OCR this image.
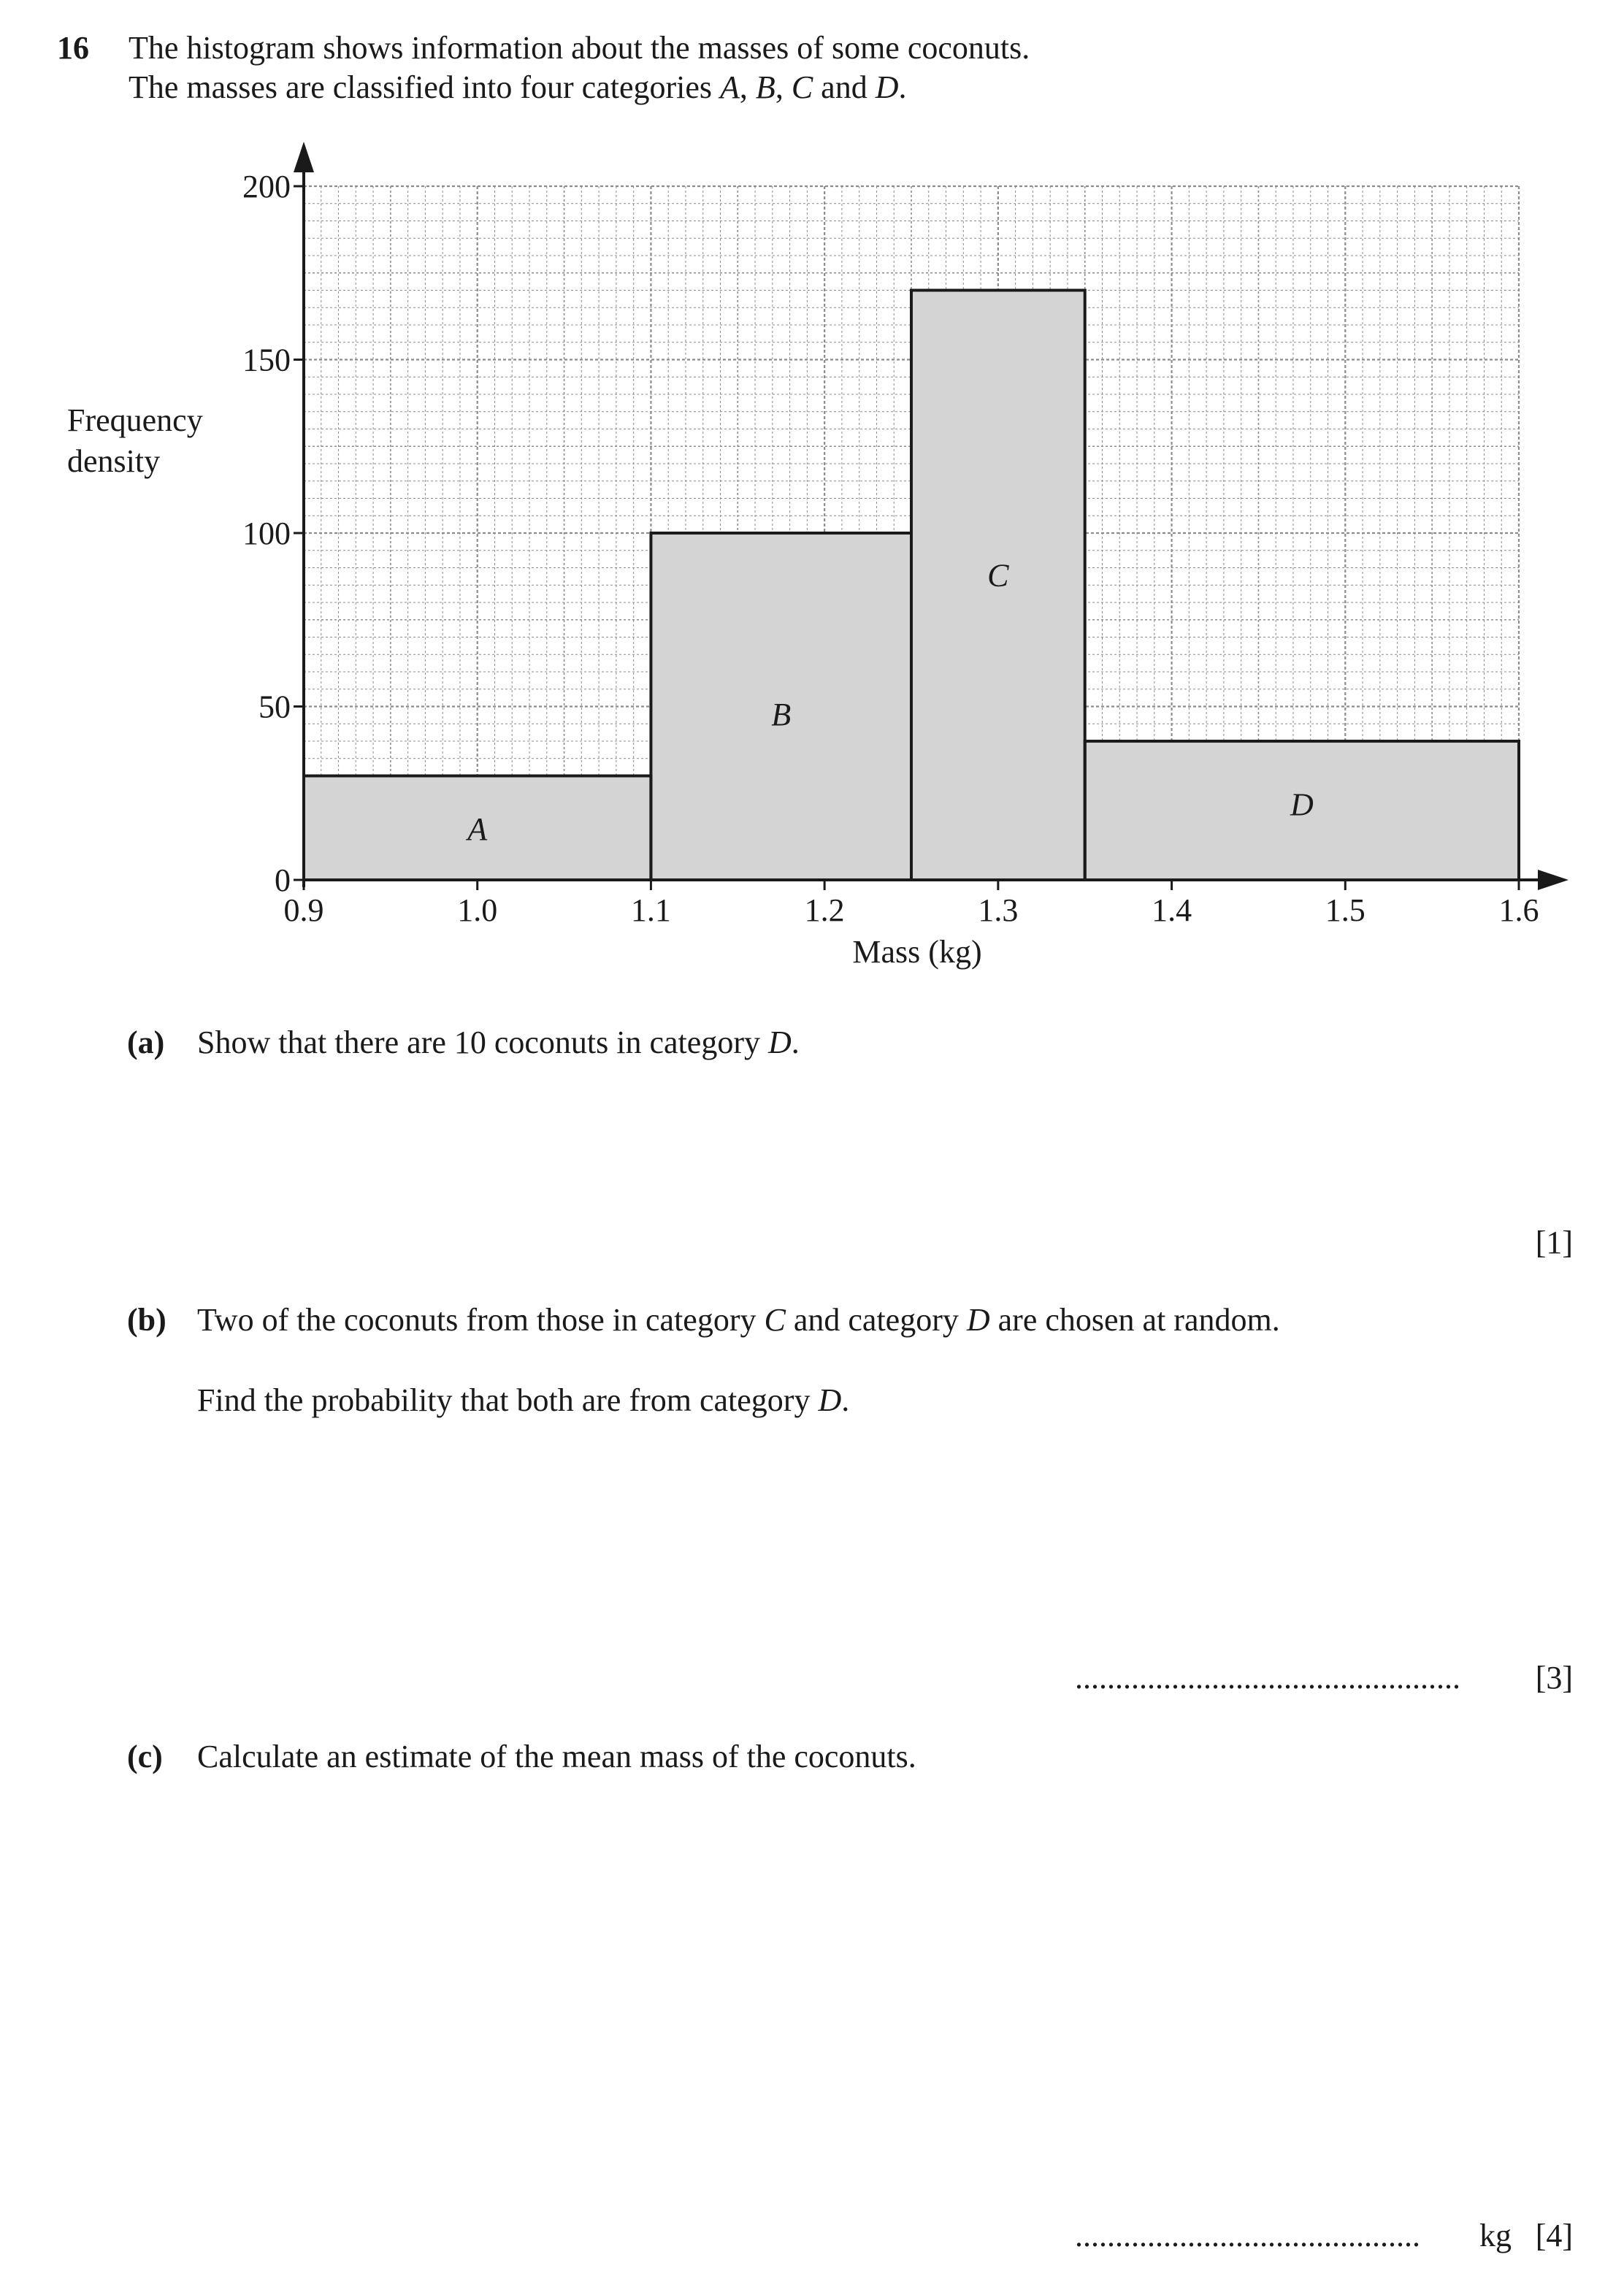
16 The histogram shows information about the masses of some coconuts.
The masses are classified into four categories A, B, C and D.
A
B
C
D
0.9	1.0	1.1	1.2	1.3	1.4	1.5	1.6
0
50
100
150
200
Frequency
density
Mass (kg)
(a) Show that there are 10 coconuts in category D.
[1]
(b) Two of the coconuts from those in category C and category D are chosen at random.
Find the probability that both are from category D.
................................................ [3]
(c) Calculate an estimate of the mean mass of the coconuts.
........................................... kg [4]
